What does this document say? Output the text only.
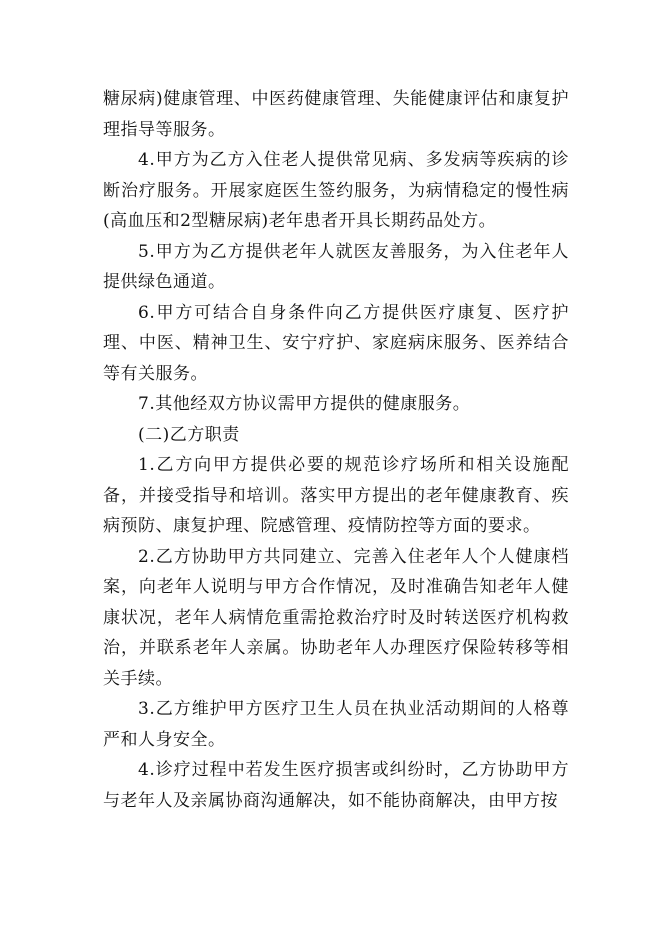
糖尿病)健康管理、中医药健康管理、失能健康评估和康复护理指导等服务。

4.甲方为乙方入住老人提供常见病、多发病等疾病的诊断治疗服务。开展家庭医生签约服务，为病情稳定的慢性病(高血压和2型糖尿病)老年患者开具长期药品处方。

5.甲方为乙方提供老年人就医友善服务，为入住老年人提供绿色通道。

6.甲方可结合自身条件向乙方提供医疗康复、医疗护理、中医、精神卫生、安宁疗护、家庭病床服务、医养结合等有关服务。

7.其他经双方协议需甲方提供的健康服务。

(二)乙方职责

1.乙方向甲方提供必要的规范诊疗场所和相关设施配备，并接受指导和培训。落实甲方提出的老年健康教育、疾病预防、康复护理、院感管理、疫情防控等方面的要求。

2.乙方协助甲方共同建立、完善入住老年人个人健康档案，向老年人说明与甲方合作情况，及时准确告知老年人健康状况，老年人病情危重需抢救治疗时及时转送医疗机构救治，并联系老年人亲属。协助老年人办理医疗保险转移等相关手续。

3.乙方维护甲方医疗卫生人员在执业活动期间的人格尊严和人身安全。

4.诊疗过程中若发生医疗损害或纠纷时，乙方协助甲方与老年人及亲属协商沟通解决，如不能协商解决，由甲方按
